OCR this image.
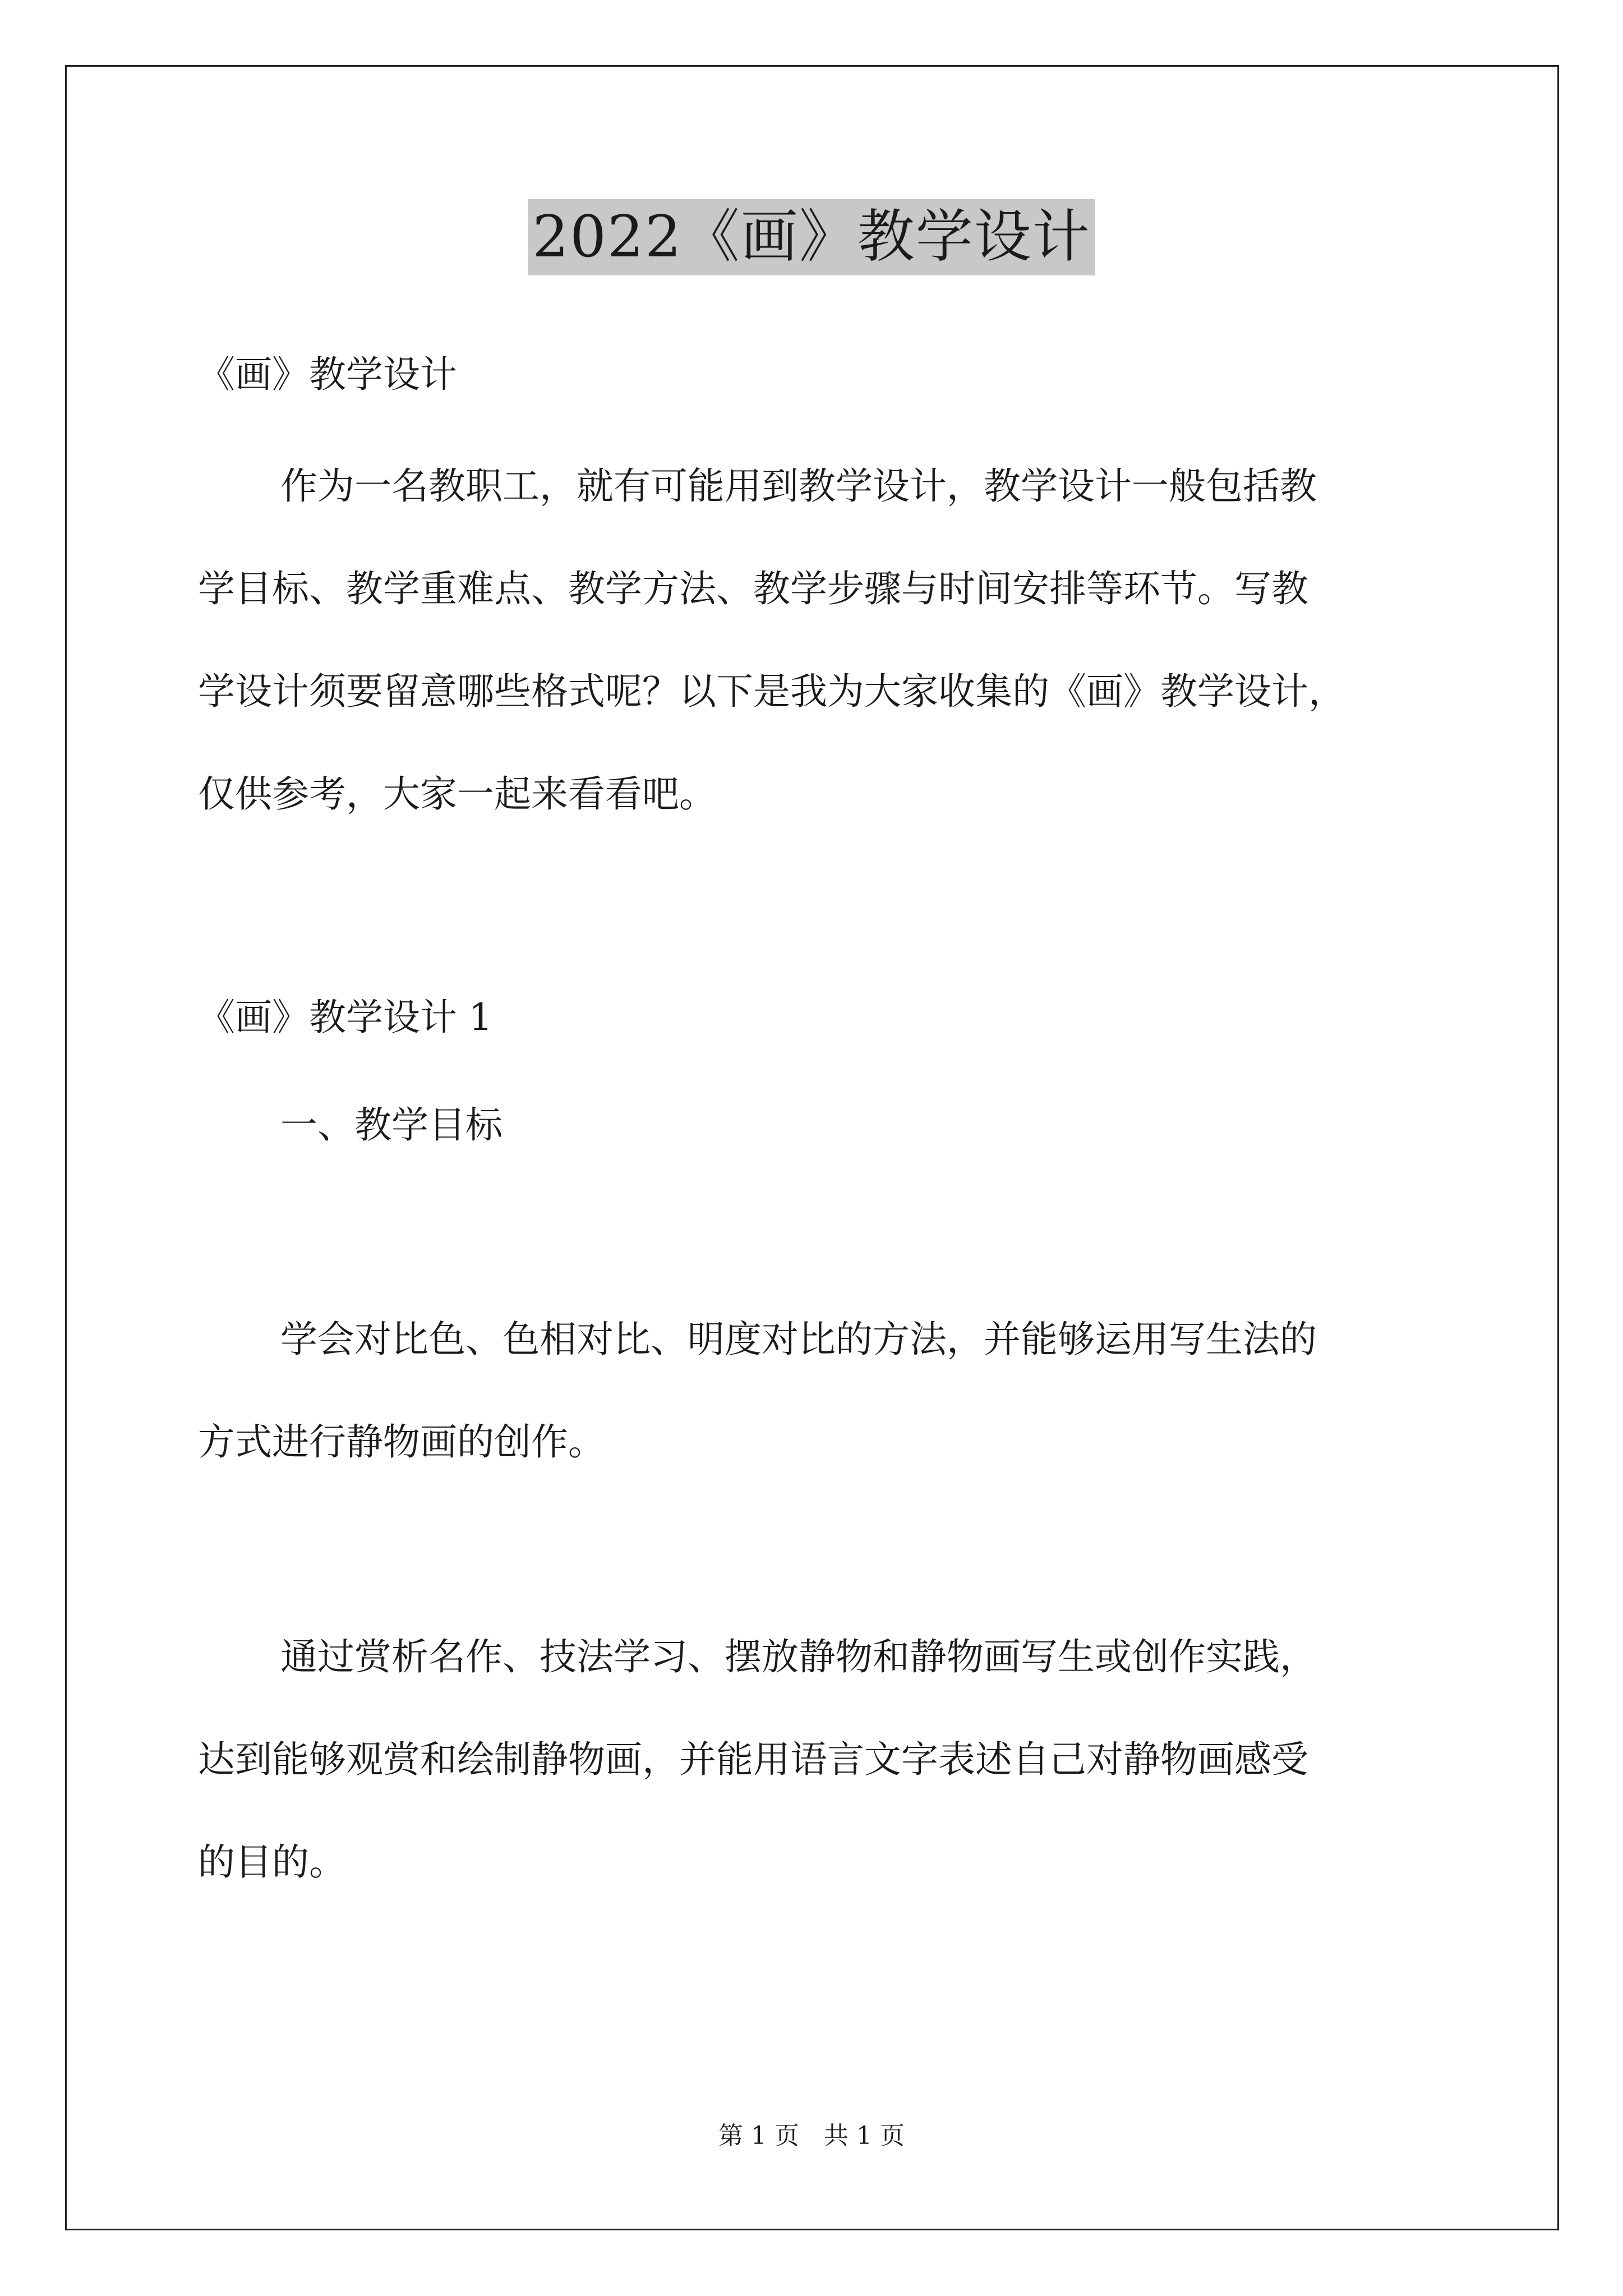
2022《画》教学设计
《画》教学设计
作为一名教职工，就有可能用到教学设计，教学设计一般包括教
学目标、教学重难点、教学方法、教学步骤与时间安排等环节。写教
学设计须要留意哪些格式呢？以下是我为大家收集的《画》教学设计，
仅供参考，大家一起来看看吧。
《画》教学设计 1
一、教学目标
学会对比色、色相对比、明度对比的方法，并能够运用写生法的
方式进行静物画的创作。
通过赏析名作、技法学习、摆放静物和静物画写生或创作实践，
达到能够观赏和绘制静物画，并能用语言文字表述自己对静物画感受
的目的。
第 1 页　共 1 页
